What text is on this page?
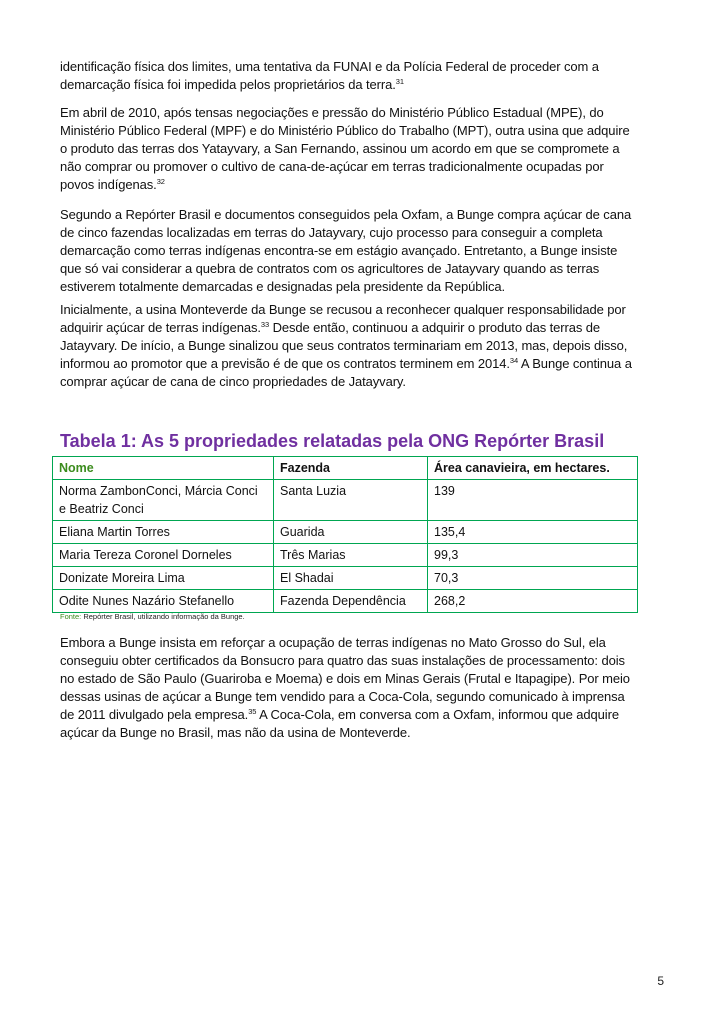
identificação física dos limites, uma tentativa da FUNAI e da Polícia Federal de proceder com a demarcação física foi impedida pelos proprietários da terra.$^{31}$

Em abril de 2010, após tensas negociações e pressão do Ministério Público Estadual (MPE), do Ministério Público Federal (MPF) e do Ministério Público do Trabalho (MPT), outra usina que adquire o produto das terras dos Yatayvary, a San Fernando, assinou um acordo em que se compromete a não comprar ou promover o cultivo de cana-de-açúcar em terras tradicionalmente ocupadas por povos indígenas.$^{32}$

Segundo a Repórter Brasil e documentos conseguidos pela Oxfam, a Bunge compra açúcar de cana de cinco fazendas localizadas em terras do Jatayvary, cujo processo para conseguir a completa demarcação como terras indígenas encontra-se em estágio avançado. Entretanto, a Bunge insiste que só vai considerar a quebra de contratos com os agricultores de Jatayvary quando as terras estiverem totalmente demarcadas e designadas pela presidente da República.

Inicialmente, a usina Monteverde da Bunge se recusou a reconhecer qualquer responsabilidade por adquirir açúcar de terras indígenas.$^{33}$ Desde então, continuou a adquirir o produto das terras de Jatayvary. De início, a Bunge sinalizou que seus contratos terminariam em 2013, mas, depois disso, informou ao promotor que a previsão é de que os contratos terminem em 2014.34 A Bunge continua a comprar açúcar de cana de cinco propriedades de Jatayvary.

Tabela 1: As 5 propriedades relatadas pela ONG Repórter Brasil
Nome	Fazenda	Área canavieira, em hectares.
Norma ZambonConci, Márcia Conci e Beatriz Conci	Santa Luzia	139
Eliana Martin Torres	Guarida	135,4
Maria Tereza Coronel Dorneles	Três Marias	99,3
Donizate Moreira Lima	El Shadai	70,3
Odite Nunes Nazário Stefanello	Fazenda Dependência	268,2
Fonte: Repórter Brasil, utilizando informação da Bunge.

Embora a Bunge insista em reforçar a ocupação de terras indígenas no Mato Grosso do Sul, ela conseguiu obter certificados da Bonsucro para quatro das suas instalações de processamento: dois no estado de São Paulo (Guariroba e Moema) e dois em Minas Gerais (Frutal e Itapagipe). Por meio dessas usinas de açúcar a Bunge tem vendido para a Coca-Cola, segundo comunicado à imprensa de 2011 divulgado pela empresa.$^{35}$ A Coca-Cola, em conversa com a Oxfam, informou que adquire açúcar da Bunge no Brasil, mas não da usina de Monteverde.

5
